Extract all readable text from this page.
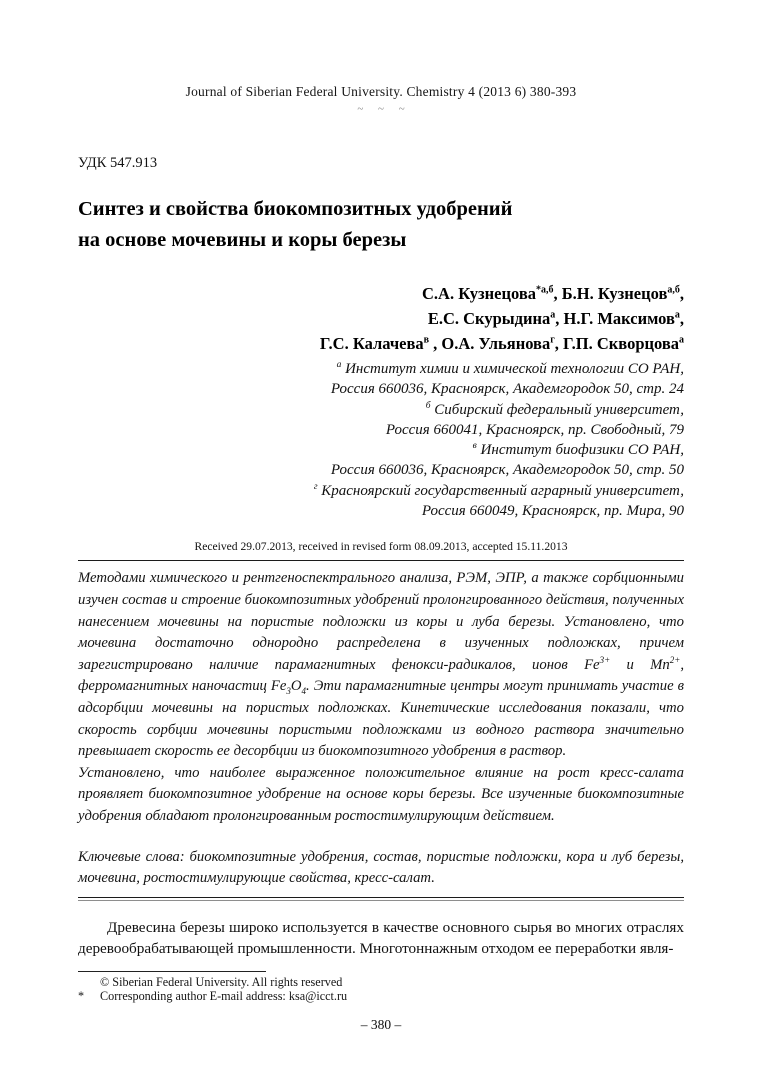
Journal of Siberian Federal University. Chemistry 4 (2013 6) 380-393
~ ~ ~
УДК 547.913
Синтез и свойства биокомпозитных удобрений
на основе мочевины и коры березы
С.А. Кузнецова$^{*а,б}$, Б.Н. Кузнецов$^{а,б}$,
Е.С. Скурыдина$^а$, Н.Г. Максимов$^а$,
Г.С. Калачева$^в$ , О.А. Ульянова$^г$, Г.П. Скворцова$^а$
$^а$ Институт химии и химической технологии СО РАН,
Россия 660036, Красноярск, Академгородок 50, стр. 24
$^б$ Сибирский федеральный университет,
Россия 660041, Красноярск, пр. Свободный, 79
$^в$ Институт биофизики СО РАН,
Россия 660036, Красноярск, Академгородок 50, стр. 50
$^г$ Красноярский государственный аграрный университет,
Россия 660049, Красноярск, пр. Мира, 90
Received 29.07.2013, received in revised form 08.09.2013, accepted 15.11.2013

Методами химического и рентгеноспектрального анализа, РЭМ, ЭПР, а также сорбционными изучен состав и строение биокомпозитных удобрений пролонгированного действия, полученных нанесением мочевины на пористые подложки из коры и луба березы. Установлено, что мочевина достаточно однородно распределена в изученных подложках, причем зарегистрировано наличие парамагнитных фенокси-радикалов, ионов $Fe^{3+}$ и $Mn^{2+}$, ферромагнитных наночастиц $Fe_3O_4$. Эти парамагнитные центры могут принимать участие в адсорбции мочевины на пористых подложках. Кинетические исследования показали, что скорость сорбции мочевины пористыми подложками из водного раствора значительно превышает скорость ее десорбции из биокомпозитного удобрения в раствор.

Установлено, что наиболее выраженное положительное влияние на рост кресс-салата проявляет биокомпозитное удобрение на основе коры березы. Все изученные биокомпозитные удобрения обладают пролонгированным ростостимулирующим действием.

Ключевые слова: биокомпозитные удобрения, состав, пористые подложки, кора и луб березы, мочевина, ростостимулирующие свойства, кресс-салат.

Древесина березы широко используется в качестве основного сырья во многих отраслях деревообрабатывающей промышленности. Многотоннажным отходом ее переработки явля-

© Siberian Federal University. All rights reserved
*	Corresponding author E-mail address: ksa@icct.ru
– 380 –
